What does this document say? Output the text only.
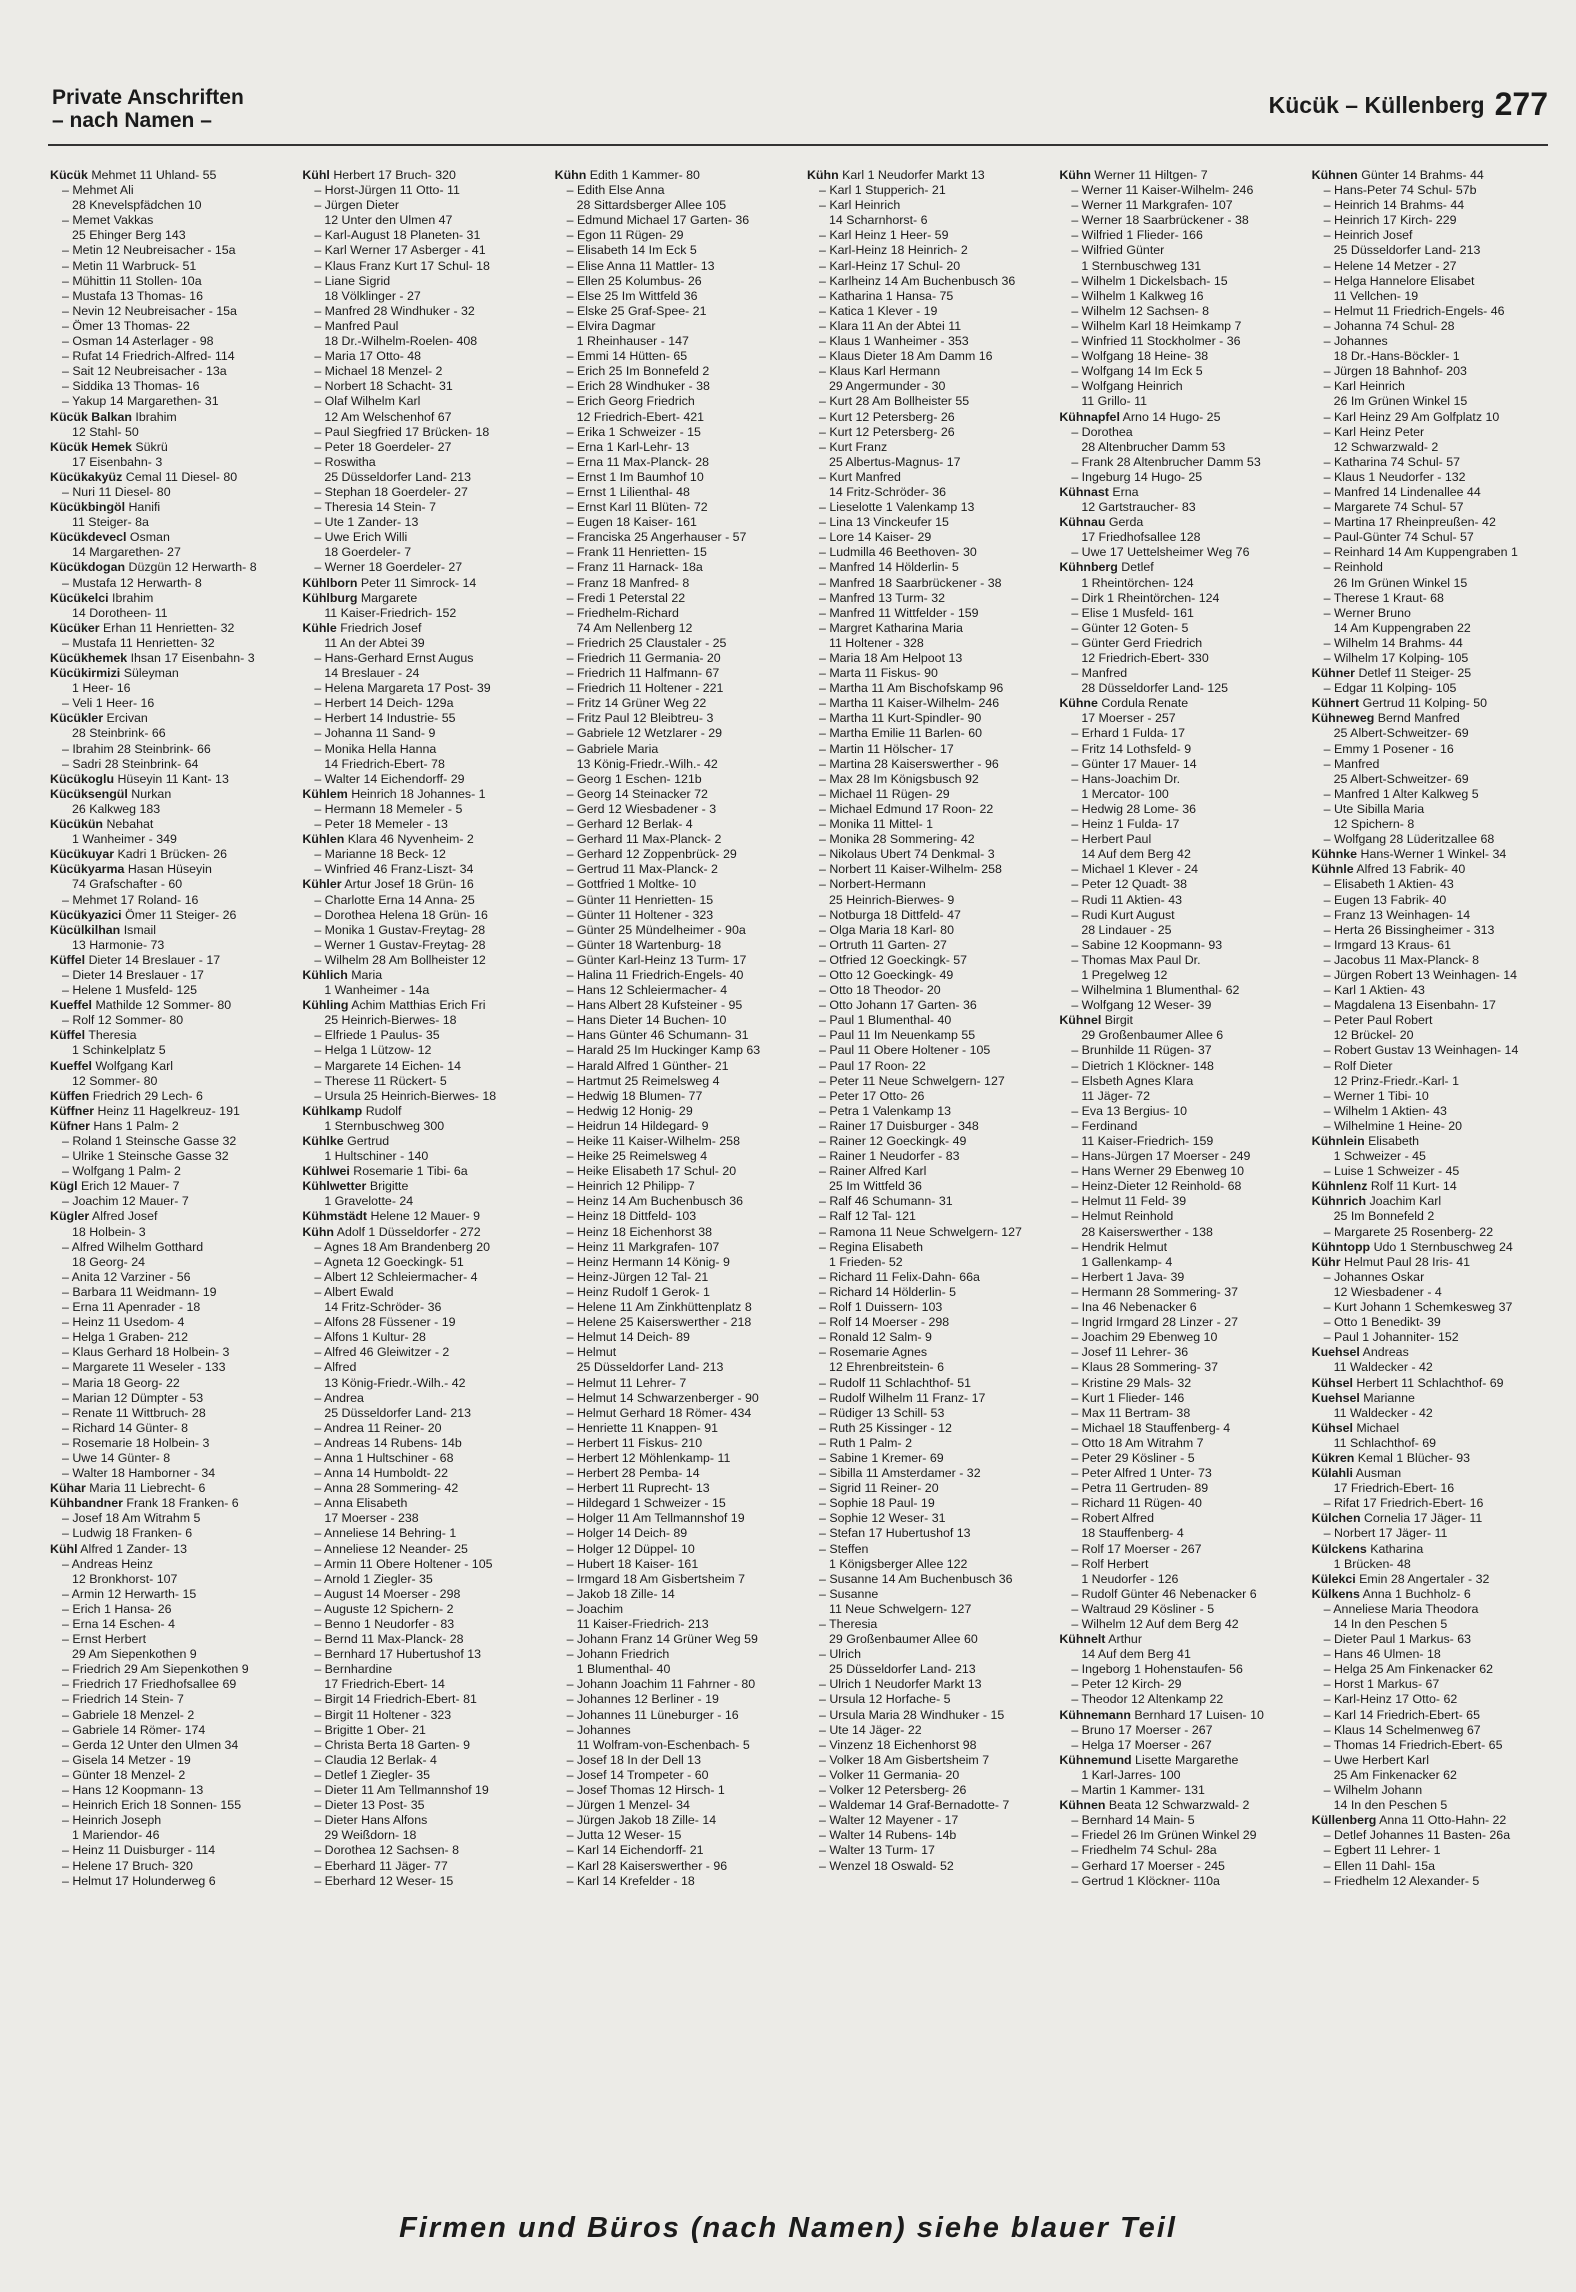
Private Anschriften
– nach Namen –
Kücük – Küllenberg 277
Kücük Mehmet 11 Uhland- 55
– Mehmet Ali
28 Knevelspfädchen 10
– Memet Vakkas
25 Ehinger Berg 143
– Metin 12 Neubreisacher - 15a
– Metin 11 Warbruck- 51
– Mühittin 11 Stollen- 10a
– Mustafa 13 Thomas- 16
– Nevin 12 Neubreisacher - 15a
– Ömer 13 Thomas- 22
– Osman 14 Asterlager - 98
– Rufat 14 Friedrich-Alfred- 114
– Sait 12 Neubreisacher - 13a
– Siddika 13 Thomas- 16
– Yakup 14 Margarethen- 31
Kücük Balkan Ibrahim
12 Stahl- 50
Kücük Hemek Sükrü
17 Eisenbahn- 3
Kücükakyüz Cemal 11 Diesel- 80
– Nuri 11 Diesel- 80
Kücükbingöl Hanifi
11 Steiger- 8a
Kücükdevecl Osman
14 Margarethen- 27
Kücükdogan Düzgün 12 Herwarth- 8
– Mustafa 12 Herwarth- 8
Kücükelci Ibrahim
14 Dorotheen- 11
Kücüker Erhan 11 Henrietten- 32
– Mustafa 11 Henrietten- 32
Kücükhemek Ihsan 17 Eisenbahn- 3
Kücükirmizi Süleyman
1 Heer- 16
– Veli 1 Heer- 16
Kücükler Ercivan
28 Steinbrink- 66
– Ibrahim 28 Steinbrink- 66
– Sadri 28 Steinbrink- 64
Kücükoglu Hüseyin 11 Kant- 13
Kücüksengül Nurkan
26 Kalkweg 183
Kücükün Nebahat
1 Wanheimer - 349
Kücükuyar Kadri 1 Brücken- 26
Kücükyarma Hasan Hüseyin
74 Grafschafter - 60
– Mehmet 17 Roland- 16
Kücükyazici Ömer 11 Steiger- 26
Kücülkilhan Ismail
13 Harmonie- 73
Küffel Dieter 14 Breslauer - 17
– Dieter 14 Breslauer - 17
– Helene 1 Musfeld- 125
Kueffel Mathilde 12 Sommer- 80
– Rolf 12 Sommer- 80
Küffel Theresia
1 Schinkelplatz 5
Kueffel Wolfgang Karl
12 Sommer- 80
Küffen Friedrich 29 Lech- 6
Küffner Heinz 11 Hagelkreuz- 191
Küfner Hans 1 Palm- 2
– Roland 1 Steinsche Gasse 32
– Ulrike 1 Steinsche Gasse 32
– Wolfgang 1 Palm- 2
Kügl Erich 12 Mauer- 7
– Joachim 12 Mauer- 7
Kügler Alfred Josef
18 Holbein- 3
– Alfred Wilhelm Gotthard
18 Georg- 24
– Anita 12 Varziner - 56
– Barbara 11 Weidmann- 19
– Erna 11 Apenrader - 18
– Heinz 11 Usedom- 4
– Helga 1 Graben- 212
– Klaus Gerhard 18 Holbein- 3
– Margarete 11 Weseler - 133
– Maria 18 Georg- 22
– Marian 12 Dümpter - 53
– Renate 11 Wittbruch- 28
– Richard 14 Günter- 8
– Rosemarie 18 Holbein- 3
– Uwe 14 Günter- 8
– Walter 18 Hamborner - 34
Kühar Maria 11 Liebrecht- 6
Kühbandner Frank 18 Franken- 6
– Josef 18 Am Witrahm 5
– Ludwig 18 Franken- 6
Kühl Alfred 1 Zander- 13
– Andreas Heinz
12 Bronkhorst- 107
– Armin 12 Herwarth- 15
– Erich 1 Hansa- 26
– Erna 14 Eschen- 4
– Ernst Herbert
29 Am Siepenkothen 9
– Friedrich 29 Am Siepenkothen 9
– Friedrich 17 Friedhofsallee 69
– Friedrich 14 Stein- 7
– Gabriele 18 Menzel- 2
– Gabriele 14 Römer- 174
– Gerda 12 Unter den Ulmen 34
– Gisela 14 Metzer - 19
– Günter 18 Menzel- 2
– Hans 12 Koopmann- 13
– Heinrich Erich 18 Sonnen- 155
– Heinrich Joseph
1 Mariendor- 46
– Heinz 11 Duisburger - 114
– Helene 17 Bruch- 320
– Helmut 17 Holunderweg 6
Kühl Herbert 17 Bruch- 320
– Horst-Jürgen 11 Otto- 11
– Jürgen Dieter
12 Unter den Ulmen 47
– Karl-August 18 Planeten- 31
– Karl Werner 17 Asberger - 41
– Klaus Franz Kurt 17 Schul- 18
– Liane Sigrid
18 Völklinger - 27
– Manfred 28 Windhuker - 32
– Manfred Paul
18 Dr.-Wilhelm-Roelen- 408
– Maria 17 Otto- 48
– Michael 18 Menzel- 2
– Norbert 18 Schacht- 31
– Olaf Wilhelm Karl
12 Am Welschenhof 67
– Paul Siegfried 17 Brücken- 18
– Peter 18 Goerdeler- 27
– Roswitha
25 Düsseldorfer Land- 213
– Stephan 18 Goerdeler- 27
– Theresia 14 Stein- 7
– Ute 1 Zander- 13
– Uwe Erich Willi
18 Goerdeler- 7
– Werner 18 Goerdeler- 27
Kühlborn Peter 11 Simrock- 14
Kühlburg Margarete
11 Kaiser-Friedrich- 152
Kühle Friedrich Josef
11 An der Abtei 39
– Hans-Gerhard Ernst Augus
14 Breslauer - 24
– Helena Margareta 17 Post- 39
– Herbert 14 Deich- 129a
– Herbert 14 Industrie- 55
– Johanna 11 Sand- 9
– Monika Hella Hanna
14 Friedrich-Ebert- 78
– Walter 14 Eichendorff- 29
Kühlem Heinrich 18 Johannes- 1
– Hermann 18 Memeler - 5
– Peter 18 Memeler - 13
Kühlen Klara 46 Nyvenheim- 2
– Marianne 18 Beck- 12
– Winfried 46 Franz-Liszt- 34
Kühler Artur Josef 18 Grün- 16
– Charlotte Erna 14 Anna- 25
– Dorothea Helena 18 Grün- 16
– Monika 1 Gustav-Freytag- 28
– Werner 1 Gustav-Freytag- 28
– Wilhelm 28 Am Bollheister 12
Kühlich Maria
1 Wanheimer - 14a
Kühling Achim Matthias Erich Fri
25 Heinrich-Bierwes- 18
– Elfriede 1 Paulus- 35
– Helga 1 Lützow- 12
– Margarete 14 Eichen- 14
– Therese 11 Rückert- 5
– Ursula 25 Heinrich-Bierwes- 18
Kühlkamp Rudolf
1 Sternbuschweg 300
Kühlke Gertrud
1 Hultschiner - 140
Kühlwei Rosemarie 1 Tibi- 6a
Kühlwetter Brigitte
1 Gravelotte- 24
Kühmstädt Helene 12 Mauer- 9
Kühn Adolf 1 Düsseldorfer - 272
– Agnes 18 Am Brandenberg 20
– Agneta 12 Goeckingk- 51
– Albert 12 Schleiermacher- 4
– Albert Ewald
14 Fritz-Schröder- 36
– Alfons 28 Füssener - 19
– Alfons 1 Kultur- 28
– Alfred 46 Gleiwitzer - 2
– Alfred
13 König-Friedr.-Wilh.- 42
– Andrea
25 Düsseldorfer Land- 213
– Andrea 11 Reiner- 20
– Andreas 14 Rubens- 14b
– Anna 1 Hultschiner - 68
– Anna 14 Humboldt- 22
– Anna 28 Sommering- 42
– Anna Elisabeth
17 Moerser - 238
– Anneliese 14 Behring- 1
– Anneliese 12 Neander- 25
– Armin 11 Obere Holtener - 105
– Arnold 1 Ziegler- 35
– August 14 Moerser - 298
– Auguste 12 Spichern- 2
– Benno 1 Neudorfer - 83
– Bernd 11 Max-Planck- 28
– Bernhard 17 Hubertushof 13
– Bernhardine
17 Friedrich-Ebert- 14
– Birgit 14 Friedrich-Ebert- 81
– Birgit 11 Holtener - 323
– Brigitte 1 Ober- 21
– Christa Berta 18 Garten- 9
– Claudia 12 Berlak- 4
– Detlef 1 Ziegler- 35
– Dieter 11 Am Tellmannshof 19
– Dieter 13 Post- 35
– Dieter Hans Alfons
29 Weißdorn- 18
– Dorothea 12 Sachsen- 8
– Eberhard 11 Jäger- 77
– Eberhard 12 Weser- 15
Kühn Edith 1 Kammer- 80
– Edith Else Anna
28 Sittardsberger Allee 105
– Edmund Michael 17 Garten- 36
– Egon 11 Rügen- 29
– Elisabeth 14 Im Eck 5
– Elise Anna 11 Mattler- 13
– Ellen 25 Kolumbus- 26
– Else 25 Im Wittfeld 36
– Elske 25 Graf-Spee- 21
– Elvira Dagmar
1 Rheinhauser - 147
– Emmi 14 Hütten- 65
– Erich 25 Im Bonnefeld 2
– Erich 28 Windhuker - 38
– Erich Georg Friedrich
12 Friedrich-Ebert- 421
– Erika 1 Schweizer - 15
– Erna 1 Karl-Lehr- 13
– Erna 11 Max-Planck- 28
– Ernst 1 Im Baumhof 10
– Ernst 1 Lilienthal- 48
– Ernst Karl 11 Blüten- 72
– Eugen 18 Kaiser- 161
– Franciska 25 Angerhauser - 57
– Frank 11 Henrietten- 15
– Franz 11 Harnack- 18a
– Franz 18 Manfred- 8
– Fredi 1 Peterstal 22
– Friedhelm-Richard
74 Am Nellenberg 12
– Friedrich 25 Claustaler - 25
– Friedrich 11 Germania- 20
– Friedrich 11 Halfmann- 67
– Friedrich 11 Holtener - 221
– Fritz 14 Grüner Weg 22
– Fritz Paul 12 Bleibtreu- 3
– Gabriele 12 Wetzlarer - 29
– Gabriele Maria
13 König-Friedr.-Wilh.- 42
– Georg 1 Eschen- 121b
– Georg 14 Steinacker 72
– Gerd 12 Wiesbadener - 3
– Gerhard 12 Berlak- 4
– Gerhard 11 Max-Planck- 2
– Gerhard 12 Zoppenbrück- 29
– Gertrud 11 Max-Planck- 2
– Gottfried 1 Moltke- 10
– Günter 11 Henrietten- 15
– Günter 11 Holtener - 323
– Günter 25 Mündelheimer - 90a
– Günter 18 Wartenburg- 18
– Günter Karl-Heinz 13 Turm- 17
– Halina 11 Friedrich-Engels- 40
– Hans 12 Schleiermacher- 4
– Hans Albert 28 Kufsteiner - 95
– Hans Dieter 14 Buchen- 10
– Hans Günter 46 Schumann- 31
– Harald 25 Im Huckinger Kamp 63
– Harald Alfred 1 Günther- 21
– Hartmut 25 Reimelsweg 4
– Hedwig 18 Blumen- 77
– Hedwig 12 Honig- 29
– Heidrun 14 Hildegard- 9
– Heike 11 Kaiser-Wilhelm- 258
– Heike 25 Reimelsweg 4
– Heike Elisabeth 17 Schul- 20
– Heinrich 12 Philipp- 7
– Heinz 14 Am Buchenbusch 36
– Heinz 18 Dittfeld- 103
– Heinz 18 Eichenhorst 38
– Heinz 11 Markgrafen- 107
– Heinz Hermann 14 König- 9
– Heinz-Jürgen 12 Tal- 21
– Heinz Rudolf 1 Gerok- 1
– Helene 11 Am Zinkhüttenplatz 8
– Helene 25 Kaiserswerther - 218
– Helmut 14 Deich- 89
– Helmut
25 Düsseldorfer Land- 213
– Helmut 11 Lehrer- 7
– Helmut 14 Schwarzenberger - 90
– Helmut Gerhard 18 Römer- 434
– Henriette 11 Knappen- 91
– Herbert 11 Fiskus- 210
– Herbert 12 Möhlenkamp- 11
– Herbert 28 Pemba- 14
– Herbert 11 Ruprecht- 13
– Hildegard 1 Schweizer - 15
– Holger 11 Am Tellmannshof 19
– Holger 14 Deich- 89
– Holger 12 Düppel- 10
– Hubert 18 Kaiser- 161
– Irmgard 18 Am Gisbertsheim 7
– Jakob 18 Zille- 14
– Joachim
11 Kaiser-Friedrich- 213
– Johann Franz 14 Grüner Weg 59
– Johann Friedrich
1 Blumenthal- 40
– Johann Joachim 11 Fahrner - 80
– Johannes 12 Berliner - 19
– Johannes 11 Lüneburger - 16
– Johannes
11 Wolfram-von-Eschenbach- 5
– Josef 18 In der Dell 13
– Josef 14 Trompeter - 60
– Josef Thomas 12 Hirsch- 1
– Jürgen 1 Menzel- 34
– Jürgen Jakob 18 Zille- 14
– Jutta 12 Weser- 15
– Karl 14 Eichendorff- 21
– Karl 28 Kaiserswerther - 96
– Karl 14 Krefelder - 18
Kühn Karl 1 Neudorfer Markt 13
– Karl 1 Stupperich- 21
– Karl Heinrich
14 Scharnhorst- 6
– Karl Heinz 1 Heer- 59
– Karl-Heinz 18 Heinrich- 2
– Karl-Heinz 17 Schul- 20
– Karlheinz 14 Am Buchenbusch 36
– Katharina 1 Hansa- 75
– Katica 1 Klever - 19
– Klara 11 An der Abtei 11
– Klaus 1 Wanheimer - 353
– Klaus Dieter 18 Am Damm 16
– Klaus Karl Hermann
29 Angermunder - 30
– Kurt 28 Am Bollheister 55
– Kurt 12 Petersberg- 26
– Kurt 12 Petersberg- 26
– Kurt Franz
25 Albertus-Magnus- 17
– Kurt Manfred
14 Fritz-Schröder- 36
– Lieselotte 1 Valenkamp 13
– Lina 13 Vinckeufer 15
– Lore 14 Kaiser- 29
– Ludmilla 46 Beethoven- 30
– Manfred 14 Hölderlin- 5
– Manfred 18 Saarbrückener - 38
– Manfred 13 Turm- 32
– Manfred 11 Wittfelder - 159
– Margret Katharina Maria
11 Holtener - 328
– Maria 18 Am Helpoot 13
– Marta 11 Fiskus- 90
– Martha 11 Am Bischofskamp 96
– Martha 11 Kaiser-Wilhelm- 246
– Martha 11 Kurt-Spindler- 90
– Martha Emilie 11 Barlen- 60
– Martin 11 Hölscher- 17
– Martina 28 Kaiserswerther - 96
– Max 28 Im Königsbusch 92
– Michael 11 Rügen- 29
– Michael Edmund 17 Roon- 22
– Monika 11 Mittel- 1
– Monika 28 Sommering- 42
– Nikolaus Ubert 74 Denkmal- 3
– Norbert 11 Kaiser-Wilhelm- 258
– Norbert-Hermann
25 Heinrich-Bierwes- 9
– Notburga 18 Dittfeld- 47
– Olga Maria 18 Karl- 80
– Ortruth 11 Garten- 27
– Otfried 12 Goeckingk- 57
– Otto 12 Goeckingk- 49
– Otto 18 Theodor- 20
– Otto Johann 17 Garten- 36
– Paul 1 Blumenthal- 40
– Paul 11 Im Neuenkamp 55
– Paul 11 Obere Holtener - 105
– Paul 17 Roon- 22
– Peter 11 Neue Schwelgern- 127
– Peter 17 Otto- 26
– Petra 1 Valenkamp 13
– Rainer 17 Duisburger - 348
– Rainer 12 Goeckingk- 49
– Rainer 1 Neudorfer - 83
– Rainer Alfred Karl
25 Im Wittfeld 36
– Ralf 46 Schumann- 31
– Ralf 12 Tal- 121
– Ramona 11 Neue Schwelgern- 127
– Regina Elisabeth
1 Frieden- 52
– Richard 11 Felix-Dahn- 66a
– Richard 14 Hölderlin- 5
– Rolf 1 Duissern- 103
– Rolf 14 Moerser - 298
– Ronald 12 Salm- 9
– Rosemarie Agnes
12 Ehrenbreitstein- 6
– Rudolf 11 Schlachthof- 51
– Rudolf Wilhelm 11 Franz- 17
– Rüdiger 13 Schill- 53
– Ruth 25 Kissinger - 12
– Ruth 1 Palm- 2
– Sabine 1 Kremer- 69
– Sibilla 11 Amsterdamer - 32
– Sigrid 11 Reiner- 20
– Sophie 18 Paul- 19
– Sophie 12 Weser- 31
– Stefan 17 Hubertushof 13
– Steffen
1 Königsberger Allee 122
– Susanne 14 Am Buchenbusch 36
– Susanne
11 Neue Schwelgern- 127
– Theresia
29 Großenbaumer Allee 60
– Ulrich
25 Düsseldorfer Land- 213
– Ulrich 1 Neudorfer Markt 13
– Ursula 12 Horfache- 5
– Ursula Maria 28 Windhuker - 15
– Ute 14 Jäger- 22
– Vinzenz 18 Eichenhorst 98
– Volker 18 Am Gisbertsheim 7
– Volker 11 Germania- 20
– Volker 12 Petersberg- 26
– Waldemar 14 Graf-Bernadotte- 7
– Walter 12 Mayener - 17
– Walter 14 Rubens- 14b
– Walter 13 Turm- 17
– Wenzel 18 Oswald- 52
Kühn Werner 11 Hiltgen- 7
– Werner 11 Kaiser-Wilhelm- 246
– Werner 11 Markgrafen- 107
– Werner 18 Saarbrückener - 38
– Wilfried 1 Flieder- 166
– Wilfried Günter
1 Sternbuschweg 131
– Wilhelm 1 Dickelsbach- 15
– Wilhelm 1 Kalkweg 16
– Wilhelm 12 Sachsen- 8
– Wilhelm Karl 18 Heimkamp 7
– Winfried 11 Stockholmer - 36
– Wolfgang 18 Heine- 38
– Wolfgang 14 Im Eck 5
– Wolfgang Heinrich
11 Grillo- 11
Kühnapfel Arno 14 Hugo- 25
– Dorothea
28 Altenbrucher Damm 53
– Frank 28 Altenbrucher Damm 53
– Ingeburg 14 Hugo- 25
Kühnast Erna
12 Gartstraucher- 83
Kühnau Gerda
17 Friedhofsallee 128
– Uwe 17 Uettelsheimer Weg 76
Kühnberg Detlef
1 Rheintörchen- 124
– Dirk 1 Rheintörchen- 124
– Elise 1 Musfeld- 161
– Günter 12 Goten- 5
– Günter Gerd Friedrich
12 Friedrich-Ebert- 330
– Manfred
28 Düsseldorfer Land- 125
Kühne Cordula Renate
17 Moerser - 257
– Erhard 1 Fulda- 17
– Fritz 14 Lothsfeld- 9
– Günter 17 Mauer- 14
– Hans-Joachim Dr.
1 Mercator- 100
– Hedwig 28 Lome- 36
– Heinz 1 Fulda- 17
– Herbert Paul
14 Auf dem Berg 42
– Michael 1 Klever - 24
– Peter 12 Quadt- 38
– Rudi 11 Aktien- 43
– Rudi Kurt August
28 Lindauer - 25
– Sabine 12 Koopmann- 93
– Thomas Max Paul Dr.
1 Pregelweg 12
– Wilhelmina 1 Blumenthal- 62
– Wolfgang 12 Weser- 39
Kühnel Birgit
29 Großenbaumer Allee 6
– Brunhilde 11 Rügen- 37
– Dietrich 1 Klöckner- 148
– Elsbeth Agnes Klara
11 Jäger- 72
– Eva 13 Bergius- 10
– Ferdinand
11 Kaiser-Friedrich- 159
– Hans-Jürgen 17 Moerser - 249
– Hans Werner 29 Ebenweg 10
– Heinz-Dieter 12 Reinhold- 68
– Helmut 11 Feld- 39
– Helmut Reinhold
28 Kaiserswerther - 138
– Hendrik Helmut
1 Gallenkamp- 4
– Herbert 1 Java- 39
– Hermann 28 Sommering- 37
– Ina 46 Nebenacker 6
– Ingrid Irmgard 28 Linzer - 27
– Joachim 29 Ebenweg 10
– Josef 11 Lehrer- 36
– Klaus 28 Sommering- 37
– Kristine 29 Mals- 32
– Kurt 1 Flieder- 146
– Max 11 Bertram- 38
– Michael 18 Stauffenberg- 4
– Otto 18 Am Witrahm 7
– Peter 29 Kösliner - 5
– Peter Alfred 1 Unter- 73
– Petra 11 Gertruden- 89
– Richard 11 Rügen- 40
– Robert Alfred
18 Stauffenberg- 4
– Rolf 17 Moerser - 267
– Rolf Herbert
1 Neudorfer - 126
– Rudolf Günter 46 Nebenacker 6
– Waltraud 29 Kösliner - 5
– Wilhelm 12 Auf dem Berg 42
Kühnelt Arthur
14 Auf dem Berg 41
– Ingeborg 1 Hohenstaufen- 56
– Peter 12 Kirch- 29
– Theodor 12 Altenkamp 22
Kühnemann Bernhard 17 Luisen- 10
– Bruno 17 Moerser - 267
– Helga 17 Moerser - 267
Kühnemund Lisette Margarethe
1 Karl-Jarres- 100
– Martin 1 Kammer- 131
Kühnen Beata 12 Schwarzwald- 2
– Bernhard 14 Main- 5
– Friedel 26 Im Grünen Winkel 29
– Friedhelm 74 Schul- 28a
– Gerhard 17 Moerser - 245
– Gertrud 1 Klöckner- 110a
Kühnen Günter 14 Brahms- 44
– Hans-Peter 74 Schul- 57b
– Heinrich 14 Brahms- 44
– Heinrich 17 Kirch- 229
– Heinrich Josef
25 Düsseldorfer Land- 213
– Helene 14 Metzer - 27
– Helga Hannelore Elisabet
11 Vellchen- 19
– Helmut 11 Friedrich-Engels- 46
– Johanna 74 Schul- 28
– Johannes
18 Dr.-Hans-Böckler- 1
– Jürgen 18 Bahnhof- 203
– Karl Heinrich
26 Im Grünen Winkel 15
– Karl Heinz 29 Am Golfplatz 10
– Karl Heinz Peter
12 Schwarzwald- 2
– Katharina 74 Schul- 57
– Klaus 1 Neudorfer - 132
– Manfred 14 Lindenallee 44
– Margarete 74 Schul- 57
– Martina 17 Rheinpreußen- 42
– Paul-Günter 74 Schul- 57
– Reinhard 14 Am Kuppengraben 1
– Reinhold
26 Im Grünen Winkel 15
– Therese 1 Kraut- 68
– Werner Bruno
14 Am Kuppengraben 22
– Wilhelm 14 Brahms- 44
– Wilhelm 17 Kolping- 105
Kühner Detlef 11 Steiger- 25
– Edgar 11 Kolping- 105
Kühnert Gertrud 11 Kolping- 50
Kühneweg Bernd Manfred
25 Albert-Schweitzer- 69
– Emmy 1 Posener - 16
– Manfred
25 Albert-Schweitzer- 69
– Manfred 1 Alter Kalkweg 5
– Ute Sibilla Maria
12 Spichern- 8
– Wolfgang 28 Lüderitzallee 68
Kühnke Hans-Werner 1 Winkel- 34
Kühnle Alfred 13 Fabrik- 40
– Elisabeth 1 Aktien- 43
– Eugen 13 Fabrik- 40
– Franz 13 Weinhagen- 14
– Herta 26 Bissingheimer - 313
– Irmgard 13 Kraus- 61
– Jacobus 11 Max-Planck- 8
– Jürgen Robert 13 Weinhagen- 14
– Karl 1 Aktien- 43
– Magdalena 13 Eisenbahn- 17
– Peter Paul Robert
12 Brückel- 20
– Robert Gustav 13 Weinhagen- 14
– Rolf Dieter
12 Prinz-Friedr.-Karl- 1
– Werner 1 Tibi- 10
– Wilhelm 1 Aktien- 43
– Wilhelmine 1 Heine- 20
Kühnlein Elisabeth
1 Schweizer - 45
– Luise 1 Schweizer - 45
Kühnlenz Rolf 11 Kurt- 14
Kühnrich Joachim Karl
25 Im Bonnefeld 2
– Margarete 25 Rosenberg- 22
Kühntopp Udo 1 Sternbuschweg 24
Kühr Helmut Paul 28 Iris- 41
– Johannes Oskar
12 Wiesbadener - 4
– Kurt Johann 1 Schemkesweg 37
– Otto 1 Benedikt- 39
– Paul 1 Johanniter- 152
Kuehsel Andreas
11 Waldecker - 42
Kühsel Herbert 11 Schlachthof- 69
Kuehsel Marianne
11 Waldecker - 42
Kühsel Michael
11 Schlachthof- 69
Kükren Kemal 1 Blücher- 93
Külahli Ausman
17 Friedrich-Ebert- 16
– Rifat 17 Friedrich-Ebert- 16
Külchen Cornelia 17 Jäger- 11
– Norbert 17 Jäger- 11
Külckens Katharina
1 Brücken- 48
Külekci Emin 28 Angertaler - 32
Külkens Anna 1 Buchholz- 6
– Anneliese Maria Theodora
14 In den Peschen 5
– Dieter Paul 1 Markus- 63
– Hans 46 Ulmen- 18
– Helga 25 Am Finkenacker 62
– Horst 1 Markus- 67
– Karl-Heinz 17 Otto- 62
– Karl 14 Friedrich-Ebert- 65
– Klaus 14 Schelmenweg 67
– Thomas 14 Friedrich-Ebert- 65
– Uwe Herbert Karl
25 Am Finkenacker 62
– Wilhelm Johann
14 In den Peschen 5
Küllenberg Anna 11 Otto-Hahn- 22
– Detlef Johannes 11 Basten- 26a
– Egbert 11 Lehrer- 1
– Ellen 11 Dahl- 15a
– Friedhelm 12 Alexander- 5
Firmen und Büros (nach Namen) siehe blauer Teil
